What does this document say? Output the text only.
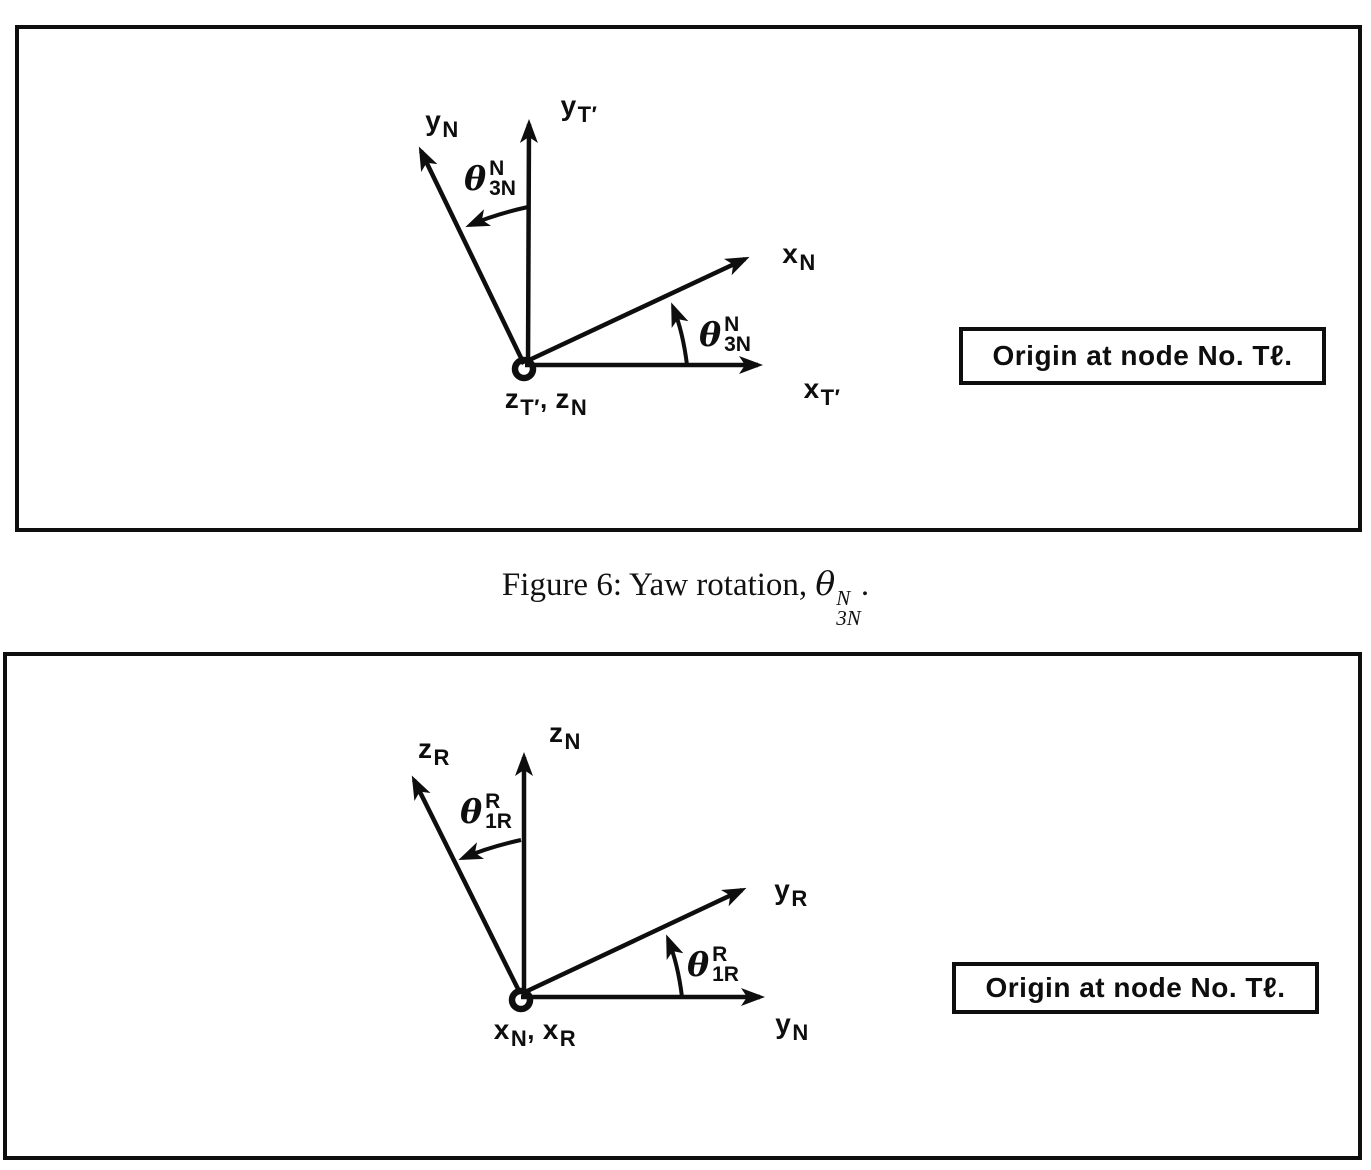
$y_N$
$y_{T'}$
$x_N$
$x_{T'}$
θ N
3N
θ N
3N
$z_{T'}$, $z_N$
Origin at node No. Tℓ.
Figure 6: Yaw rotation, θ N
3N
.
$z_R$
$z_N$
$y_R$
$y_N$
θ R
1R
θ R
1R
$x_N$, $x_R$
Origin at node No. Tℓ.
